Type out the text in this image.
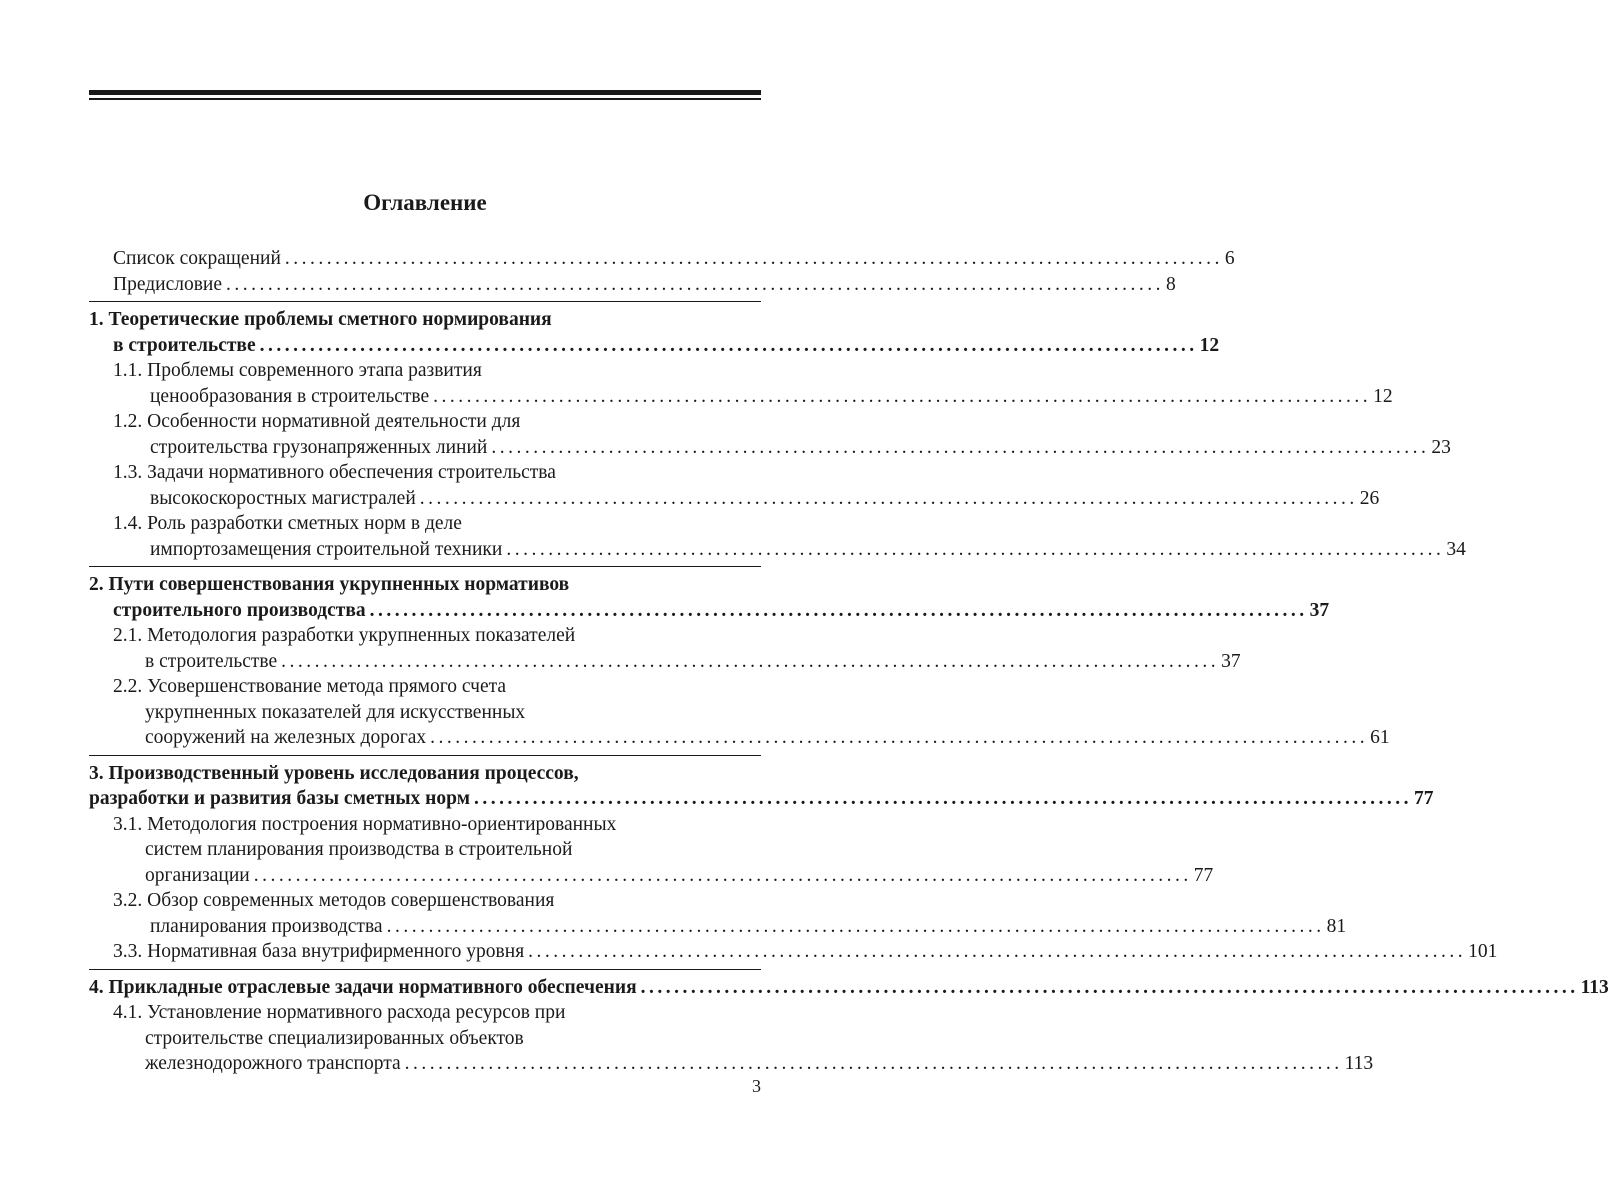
Оглавление
Список сокращений ................................................................................................................ 6
Предисловие ................................................................................................................ 8
1. Теоретические проблемы сметного нормирования
в строительстве ................................................................................................................ 12
1.1. Проблемы современного этапа развития
ценообразования в строительстве ................................................................................................................ 12
1.2. Особенности нормативной деятельности для
строительства грузонапряженных линий ................................................................................................................ 23
1.3. Задачи нормативного обеспечения строительства
высокоскоростных магистралей ................................................................................................................ 26
1.4. Роль разработки сметных норм в деле
импортозамещения строительной техники ................................................................................................................ 34
2. Пути совершенствования укрупненных нормативов
строительного производства ................................................................................................................ 37
2.1. Методология разработки укрупненных показателей
в строительстве ................................................................................................................ 37
2.2. Усовершенствование метода прямого счета
укрупненных показателей для искусственных
сооружений на железных дорогах ................................................................................................................ 61
3. Производственный уровень исследования процессов,
разработки и развития базы сметных норм ................................................................................................................ 77
3.1. Методология построения нормативно-ориентированных
систем планирования производства в строительной
организации ................................................................................................................ 77
3.2. Обзор современных методов совершенствования
планирования производства ................................................................................................................ 81
3.3. Нормативная база внутрифирменного уровня ................................................................................................................ 101
4. Прикладные отраслевые задачи нормативного обеспечения ................................................................................................................ 113
4.1. Установление нормативного расхода ресурсов при
строительстве специализированных объектов
железнодорожного транспорта ................................................................................................................ 113
3
